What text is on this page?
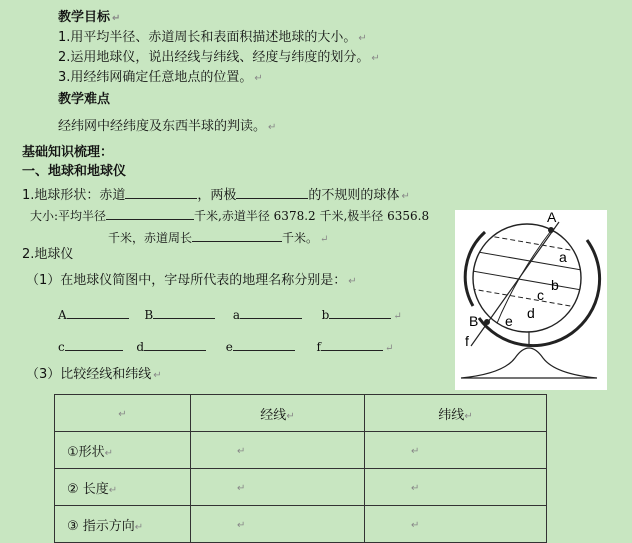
教学目标 ↵
1.用平均半径、赤道周长和表面积描述地球的大小。 ↵
2.运用地球仪，说出经线与纬线、经度与纬度的划分。 ↵
3.用经纬网确定任意地点的位置。 ↵
教学难点
经纬网中经纬度及东西半球的判读。 ↵
基础知识梳理：
一、地球和地球仪
1.地球形状：赤道	，两极	的不规则的球体 ↵
大小:平均半径	千米,赤道半径 6378.2 千米,极半径 6356.8
千米，赤道周长	千米。 ↵
2.地球仪
（1）在地球仪简图中，字母所代表的地理名称分别是： ↵
A	B	a	b	↵
c	d	e	f	↵
（3）比较经线和纬线 ↵
A
a
b
c
d
e
B
f
↵	经线↵	纬线↵
①形状↵	↵	↵
② 长度↵	↵	↵
③ 指示方向↵	↵	↵
